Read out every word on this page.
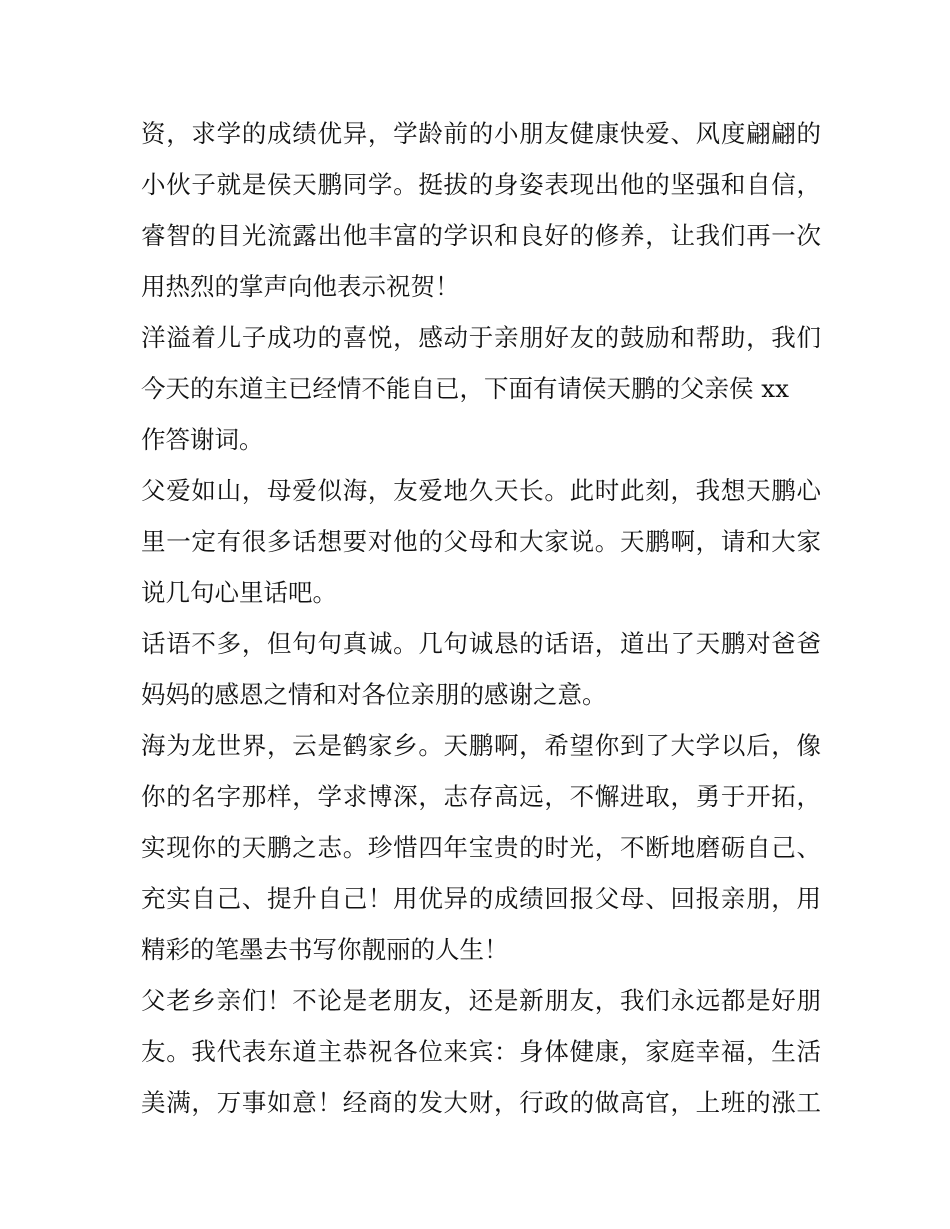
资，求学的成绩优异，学龄前的小朋友健康快爱、风度翩翩的
小伙子就是侯天鹏同学。挺拔的身姿表现出他的坚强和自信，
睿智的目光流露出他丰富的学识和良好的修养，让我们再一次
用热烈的掌声向他表示祝贺！
洋溢着儿子成功的喜悦，感动于亲朋好友的鼓励和帮助，我们
今天的东道主已经情不能自已，下面有请侯天鹏的父亲侯 xx
作答谢词。
父爱如山，母爱似海，友爱地久天长。此时此刻，我想天鹏心
里一定有很多话想要对他的父母和大家说。天鹏啊，请和大家
说几句心里话吧。
话语不多，但句句真诚。几句诚恳的话语，道出了天鹏对爸爸
妈妈的感恩之情和对各位亲朋的感谢之意。
海为龙世界，云是鹤家乡。天鹏啊，希望你到了大学以后，像
你的名字那样，学求博深，志存高远，不懈进取，勇于开拓，
实现你的天鹏之志。珍惜四年宝贵的时光，不断地磨砺自己、
充实自己、提升自己！用优异的成绩回报父母、回报亲朋，用
精彩的笔墨去书写你靓丽的人生！
父老乡亲们！不论是老朋友，还是新朋友，我们永远都是好朋
友。我代表东道主恭祝各位来宾：身体健康，家庭幸福，生活
美满，万事如意！经商的发大财，行政的做高官，上班的涨工
